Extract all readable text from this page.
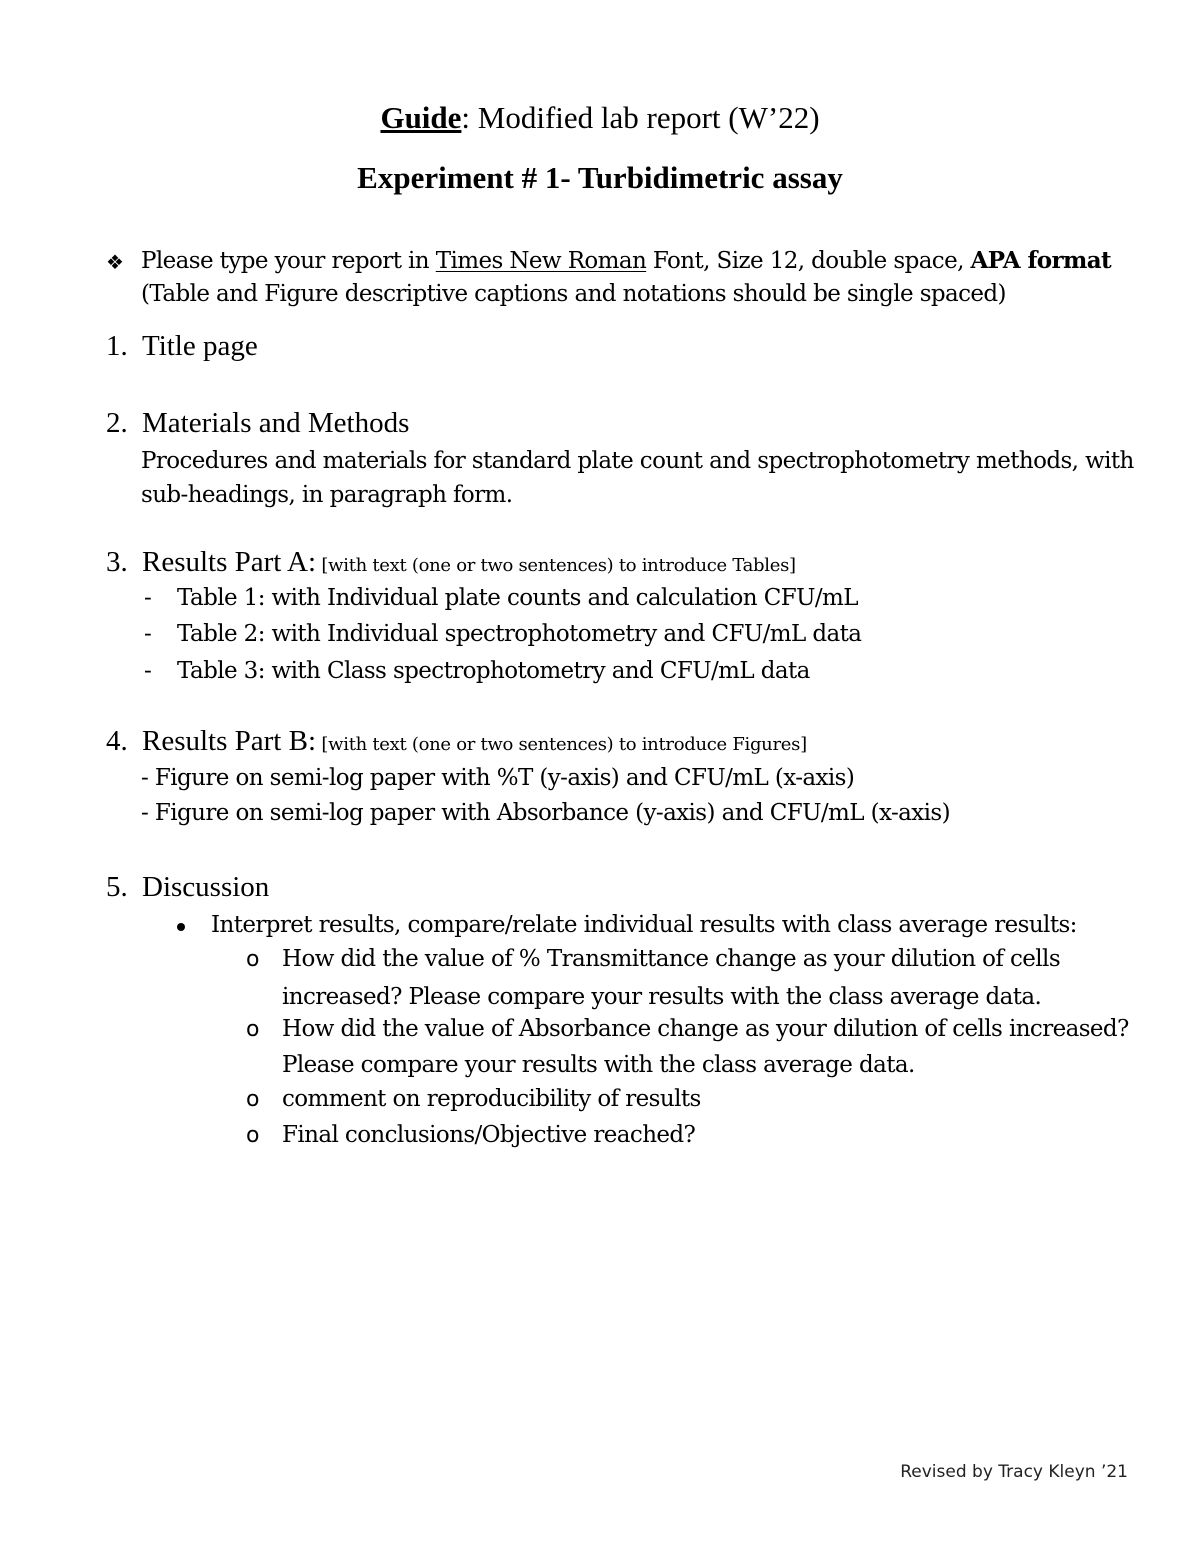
Guide: Modified lab report (W’22)
Experiment # 1- Turbidimetric assay
❖ Please type your report in Times New Roman Font, Size 12, double space, APA format
(Table and Figure descriptive captions and notations should be single spaced)
1. Title page
2. Materials and Methods
Procedures and materials for standard plate count and spectrophotometry methods, with
sub-headings, in paragraph form.
3. Results Part A: [with text (one or two sentences) to introduce Tables]
- Table 1: with Individual plate counts and calculation CFU/mL
- Table 2: with Individual spectrophotometry and CFU/mL data
- Table 3: with Class spectrophotometry and CFU/mL data
4. Results Part B: [with text (one or two sentences) to introduce Figures]
- Figure on semi-log paper with %T (y-axis) and CFU/mL (x-axis)
- Figure on semi-log paper with Absorbance (y-axis) and CFU/mL (x-axis)
5. Discussion
Interpret results, compare/relate individual results with class average results:
o How did the value of % Transmittance change as your dilution of cells
increased? Please compare your results with the class average data.
o How did the value of Absorbance change as your dilution of cells increased?
Please compare your results with the class average data.
o comment on reproducibility of results
o Final conclusions/Objective reached?
Revised by Tracy Kleyn ’21
